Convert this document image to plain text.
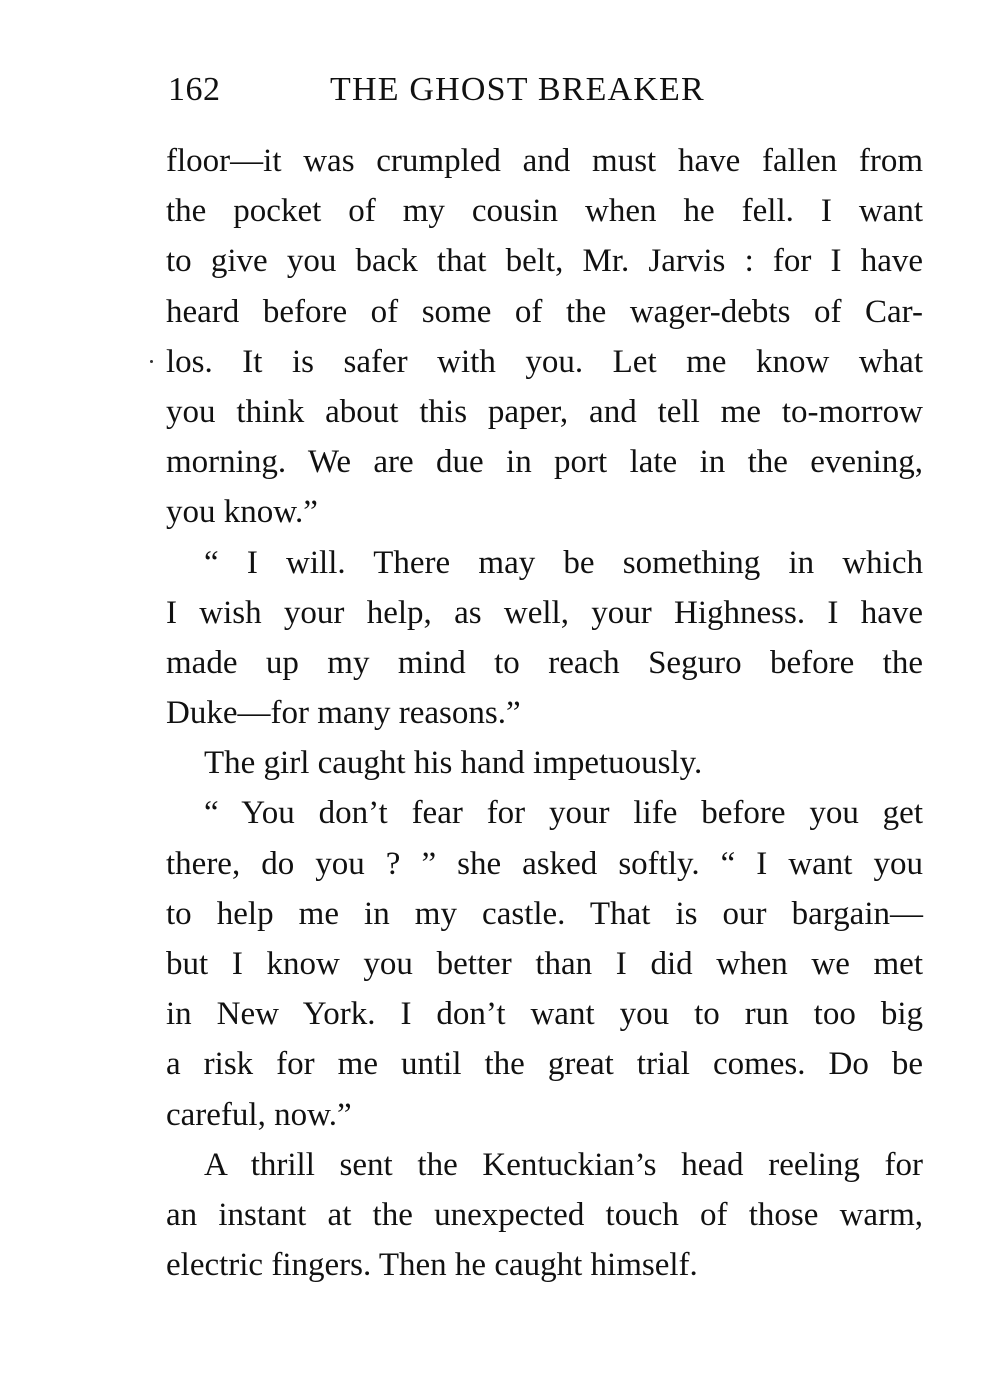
162	THE GHOST BREAKER
floor—it was crumpled and must have fallen from
the pocket of my cousin when he fell. I want
to give you back that belt, Mr. Jarvis : for I have
heard before of some of the wager-debts of Car-
los. It is safer with you. Let me know what
you think about this paper, and tell me to-morrow
morning. We are due in port late in the evening,
you know.”
“ I will. There may be something in which
I wish your help, as well, your Highness. I have
made up my mind to reach Seguro before the
Duke—for many reasons.”
The girl caught his hand impetuously.
“ You don’t fear for your life before you get
there, do you ? ” she asked softly. “ I want you
to help me in my castle. That is our bargain—
but I know you better than I did when we met
in New York. I don’t want you to run too big
a risk for me until the great trial comes. Do be
careful, now.”
A thrill sent the Kentuckian’s head reeling for
an instant at the unexpected touch of those warm,
electric fingers. Then he caught himself.
